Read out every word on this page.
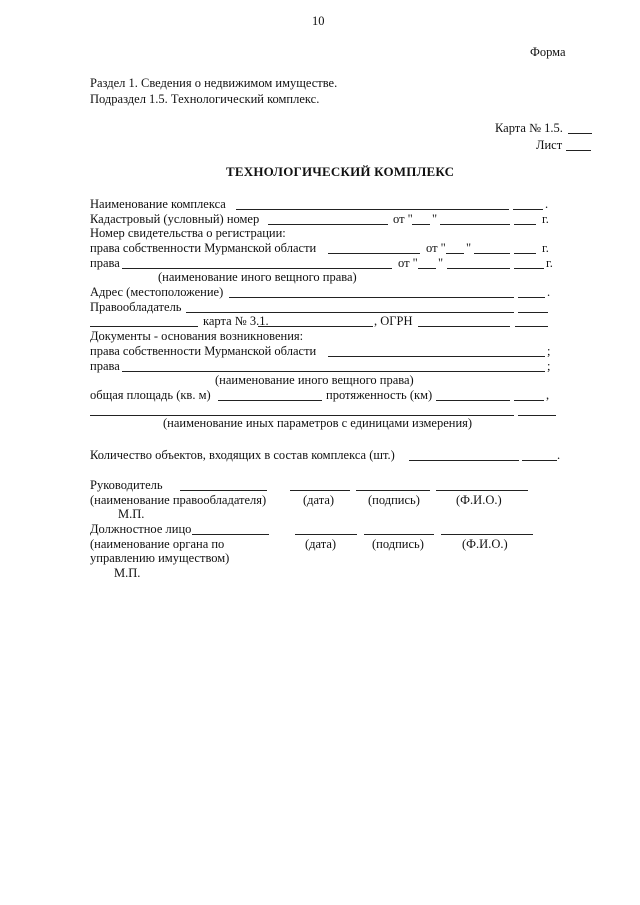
10
Форма
Раздел 1. Сведения о недвижимом имуществе.
Подраздел 1.5. Технологический комплекс.
Карта № 1.5.
Лист
ТЕХНОЛОГИЧЕСКИЙ КОМПЛЕКС
Наименование комплекса	.
Кадастровый (условный) номер	от " "	г.
Номер свидетельства о регистрации:
права собственности Мурманской области	от " "	г.
права	от " "	г.
(наименование иного вещного права)
Адрес (местоположение)	.
Правообладатель
карта № 3.1.	, ОГРН
Документы - основания возникновения:
права собственности Мурманской области	;
права	;
(наименование иного вещного права)
общая площадь (кв. м)	протяженность (км)	,
(наименование иных параметров с единицами измерения)
Количество объектов, входящих в состав комплекса (шт.)	.
Руководитель
(наименование правообладателя)	(дата)	(подпись)	(Ф.И.О.)
М.П.
Должностное лицо
(наименование органа по	(дата)	(подпись)	(Ф.И.О.)
управлению имуществом)
М.П.
